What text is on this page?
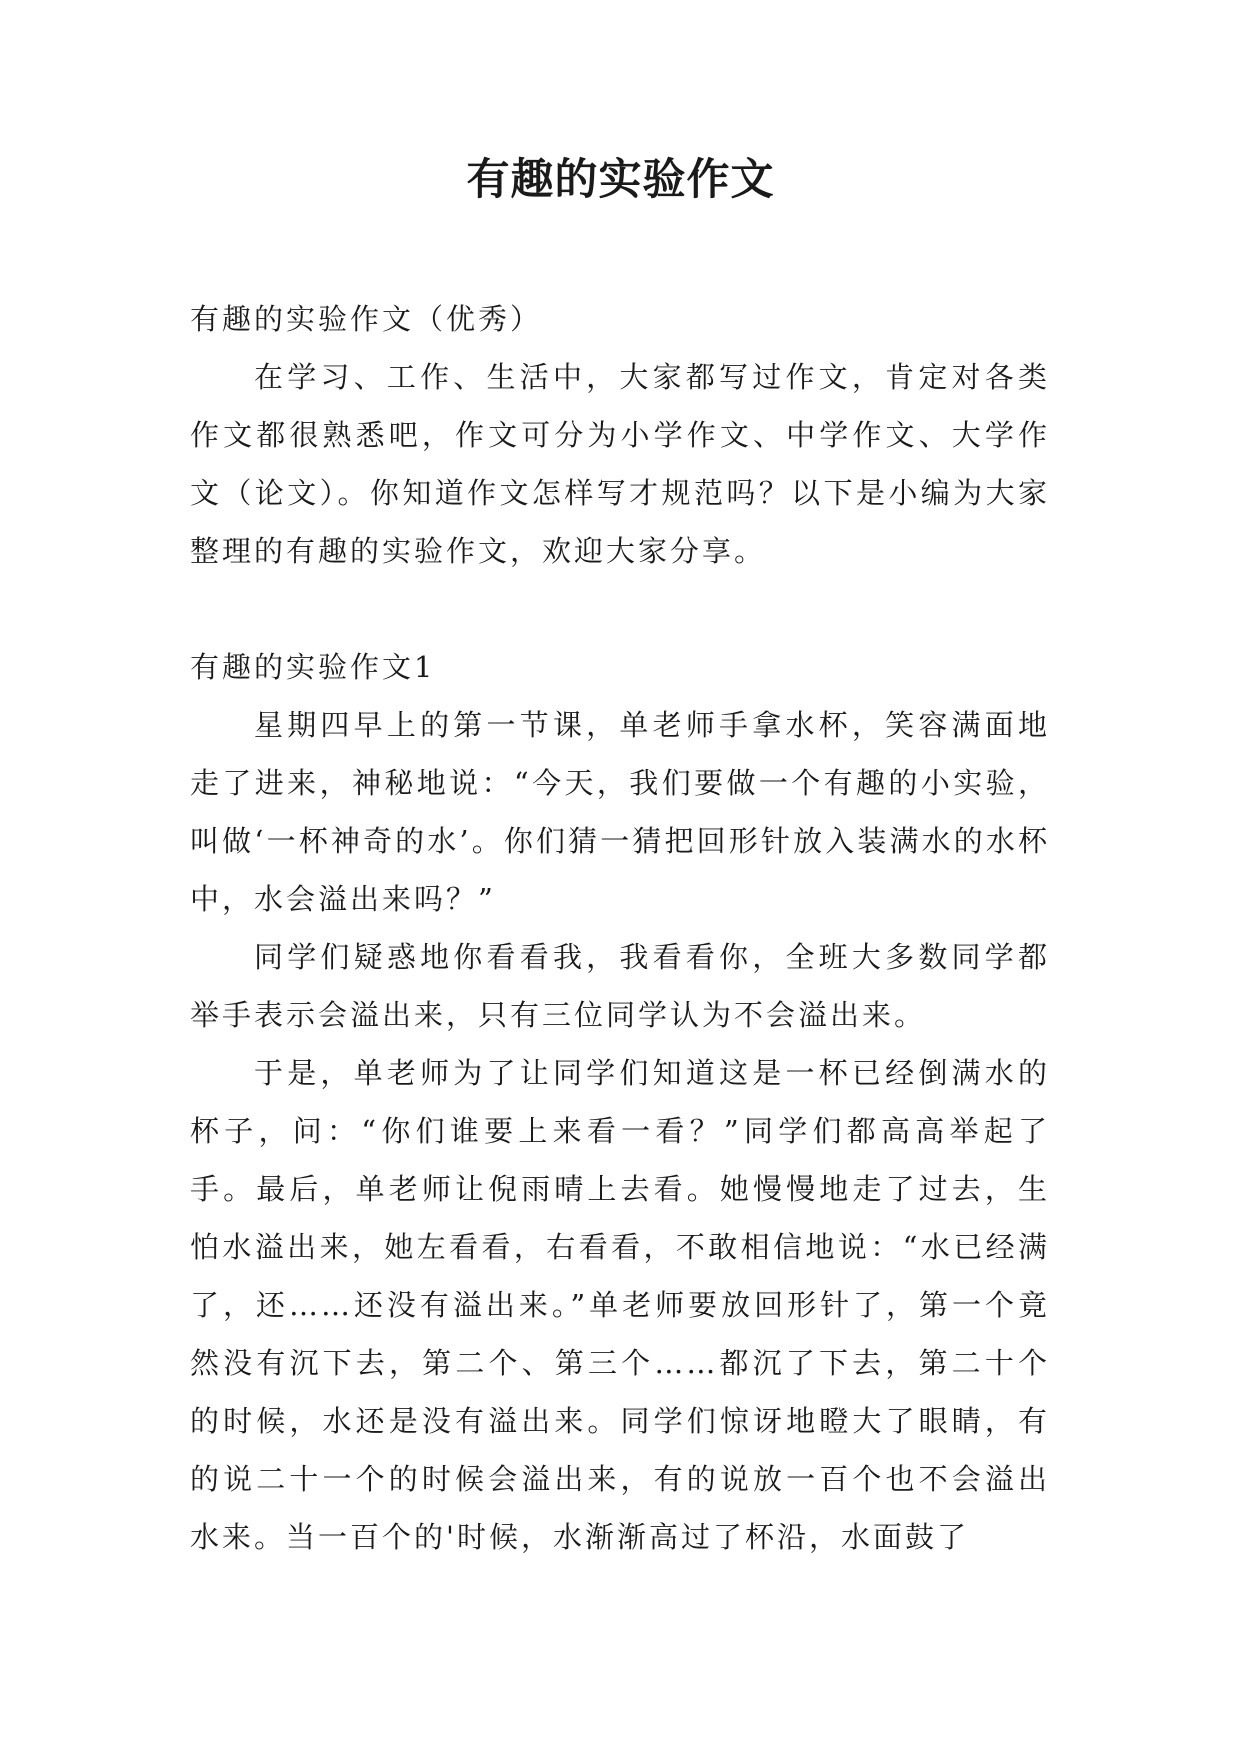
有趣的实验作文

有趣的实验作文（优秀）

在学习、工作、生活中，大家都写过作文，肯定对各类作文都很熟悉吧，作文可分为小学作文、中学作文、大学作文（论文）。你知道作文怎样写才规范吗？以下是小编为大家整理的有趣的实验作文，欢迎大家分享。

有趣的实验作文1

星期四早上的第一节课，单老师手拿水杯，笑容满面地走了进来，神秘地说：“今天，我们要做一个有趣的小实验，叫做‘一杯神奇的水’。你们猜一猜把回形针放入装满水的水杯中，水会溢出来吗？”

同学们疑惑地你看看我，我看看你，全班大多数同学都举手表示会溢出来，只有三位同学认为不会溢出来。

于是，单老师为了让同学们知道这是一杯已经倒满水的杯子，问：“你们谁要上来看一看？”同学们都高高举起了手。最后，单老师让倪雨晴上去看。她慢慢地走了过去，生怕水溢出来，她左看看，右看看，不敢相信地说：“水已经满了，还……还没有溢出来。”单老师要放回形针了，第一个竟然没有沉下去，第二个、第三个……都沉了下去，第二十个的时候，水还是没有溢出来。同学们惊讶地瞪大了眼睛，有的说二十一个的时候会溢出来，有的说放一百个也不会溢出水来。当一百个的'时候，水渐渐高过了杯沿，水面鼓了
